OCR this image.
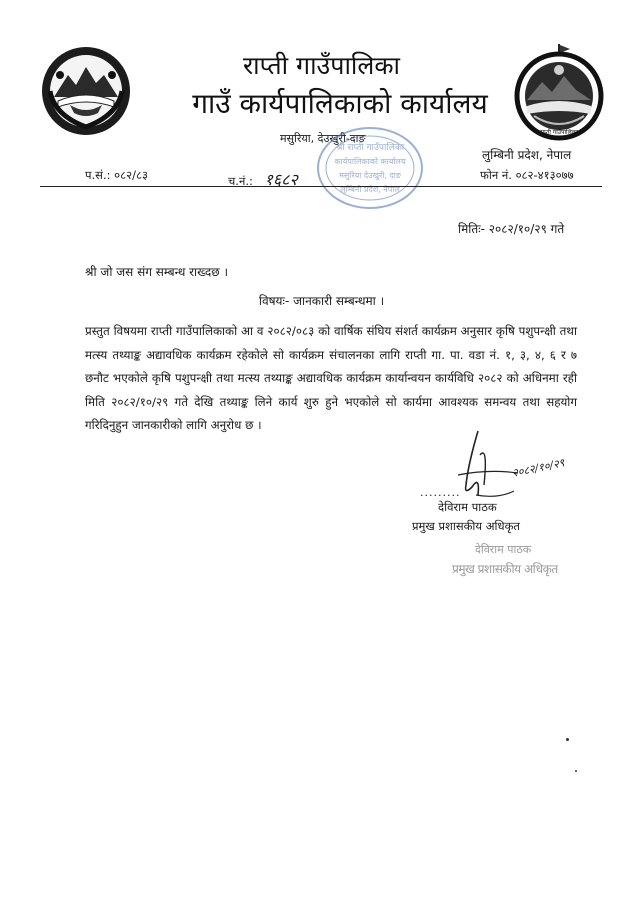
राप्ती गाउँपालिका
गाउँ कार्यपालिकाको कार्यालय
राप्ती गाउँपालिका
मसुरिया, देउखुरी-दाङ
लुम्बिनी प्रदेश, नेपाल
प.सं.: ०८२/८३	च.नं.: १६८२	फोन नं. ०८२-४१३०७७
श्री राप्ती गाउँपालिका
कार्यपालिकाको कार्यालय
मसुरिया देउखुरी, दाङ
लुम्बिनी प्रदेश, नेपाल
मितिः- २०८२/१०/२९ गते
श्री जो जस संग सम्बन्ध राख्दछ ।
विषयः- जानकारी सम्बन्धमा ।
प्रस्तुत विषयमा राप्ती गाउँपालिकाको आ व २०८२/०८३ को वार्षिक संघिय संशर्त कार्यक्रम अनुसार कृषि पशुपन्क्षी तथा मत्स्य तथ्याङ्क अद्यावधिक कार्यक्रम रहेकोले सो कार्यक्रम संचालनका लागि राप्ती गा. पा. वडा नं. १, ३, ४, ६ र ७ छनौट भएकोले कृषि पशुपन्क्षी तथा मत्स्य तथ्याङ्क अद्यावधिक कार्यक्रम कार्यान्वयन कार्यविधि २०८२ को अधिनमा रही मिति २०८२/१०/२९ गते देखि तथ्याङ्क लिने कार्य शुरु हुने भएकोले सो कार्यमा आवश्यक समन्वय तथा सहयोग गरिदिनुहुन जानकारीको लागि अनुरोध छ ।
२०८२/१०/२९
.........
देविराम पाठक
प्रमुख प्रशासकीय अधिकृत
देविराम पाठक
प्रमुख प्रशासकीय अधिकृत
